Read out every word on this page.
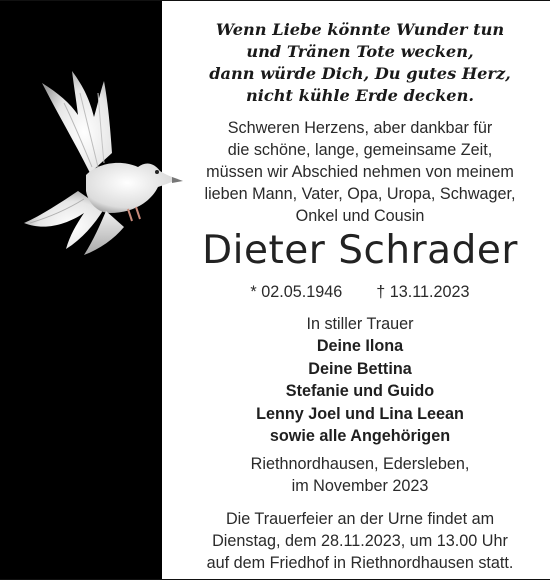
Wenn Liebe könnte Wunder tun
und Tränen Tote wecken,
dann würde Dich, Du gutes Herz,
nicht kühle Erde decken.
Schweren Herzens, aber dankbar für
die schöne, lange, gemeinsame Zeit,
müssen wir Abschied nehmen von meinem
lieben Mann, Vater, Opa, Uropa, Schwager,
Onkel und Cousin
Dieter Schrader
* 02.05.1946 † 13.11.2023
In stiller Trauer
Deine Ilona
Deine Bettina
Stefanie und Guido
Lenny Joel und Lina Leean
sowie alle Angehörigen
Riethnordhausen, Edersleben,
im November 2023
Die Trauerfeier an der Urne findet am
Dienstag, dem 28.11.2023, um 13.00 Uhr
auf dem Friedhof in Riethnordhausen statt.
